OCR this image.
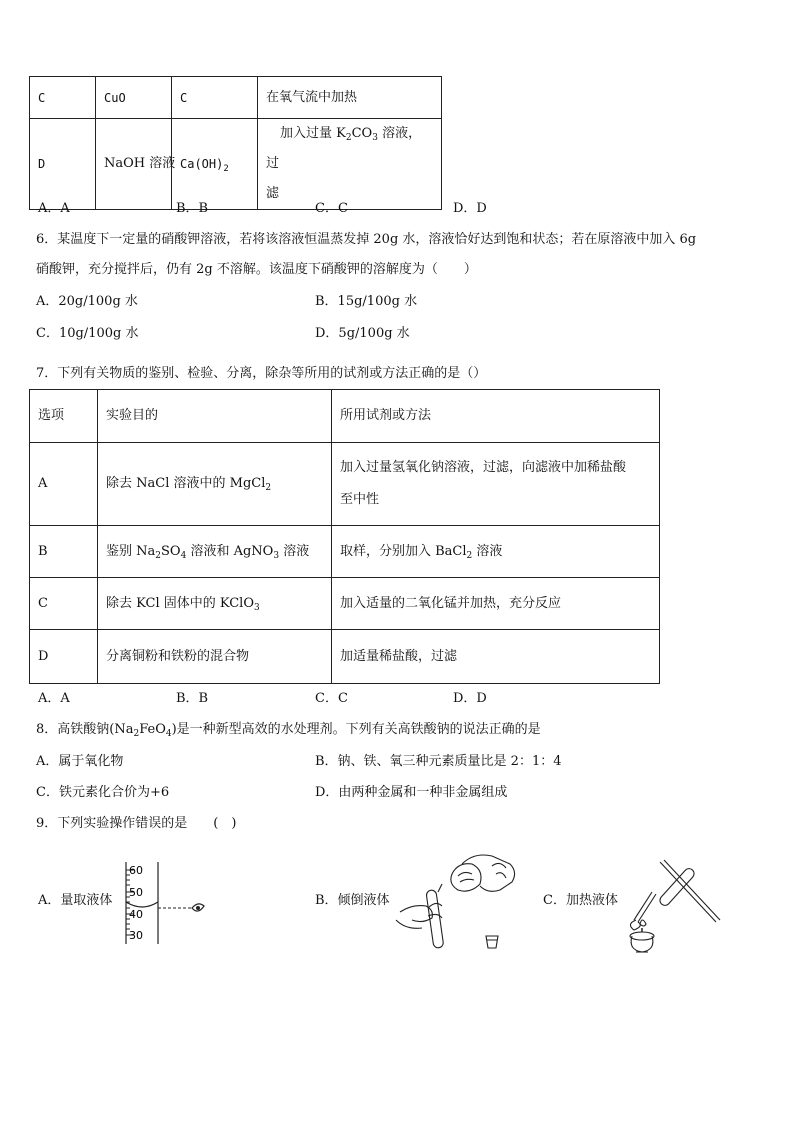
C	CuO	C	在氧气流中加热
D	NaOH 溶液	$Ca(OH)_2$	加入过量 $K_2CO_3$ 溶液，过
滤
A．A	B．B	C．C	D．D
6．某温度下一定量的硝酸钾溶液，若将该溶液恒温蒸发掉 20g 水，溶液恰好达到饱和状态；若在原溶液中加入 6g
硝酸钾，充分搅拌后，仍有 2g 不溶解。该温度下硝酸钾的溶解度为（　　）
A．20g/100g 水	B．15g/100g 水
C．10g/100g 水	D．5g/100g 水
7．下列有关物质的鉴别、检验、分离，除杂等所用的试剂或方法正确的是（）
选项	实验目的	所用试剂或方法
A	除去 NaCl 溶液中的 MgCl$_2$	加入过量氢氧化钠溶液，过滤，向滤液中加稀盐酸
至中性
B	鉴别 $Na_2SO_4$ 溶液和 AgNO$_3$ 溶液	取样，分别加入 BaCl$_2$ 溶液
C	除去 KCl 固体中的 KClO$_3$	加入适量的二氧化锰并加热，充分反应
D	分离铜粉和铁粉的混合物	加适量稀盐酸，过滤
A．A	B．B	C．C	D．D
8．高铁酸钠$(Na_2FeO_4)$是一种新型高效的水处理剂。下列有关高铁酸钠的说法正确的是
A．属于氧化物	B．钠、铁、氧三种元素质量比是 2：1：4
C．铁元素化合价为+6	D．由两种金属和一种非金属组成
9．下列实验操作错误的是　　(　)
A．量取液体	B．倾倒液体	C．加热液体
60
50
40
30
